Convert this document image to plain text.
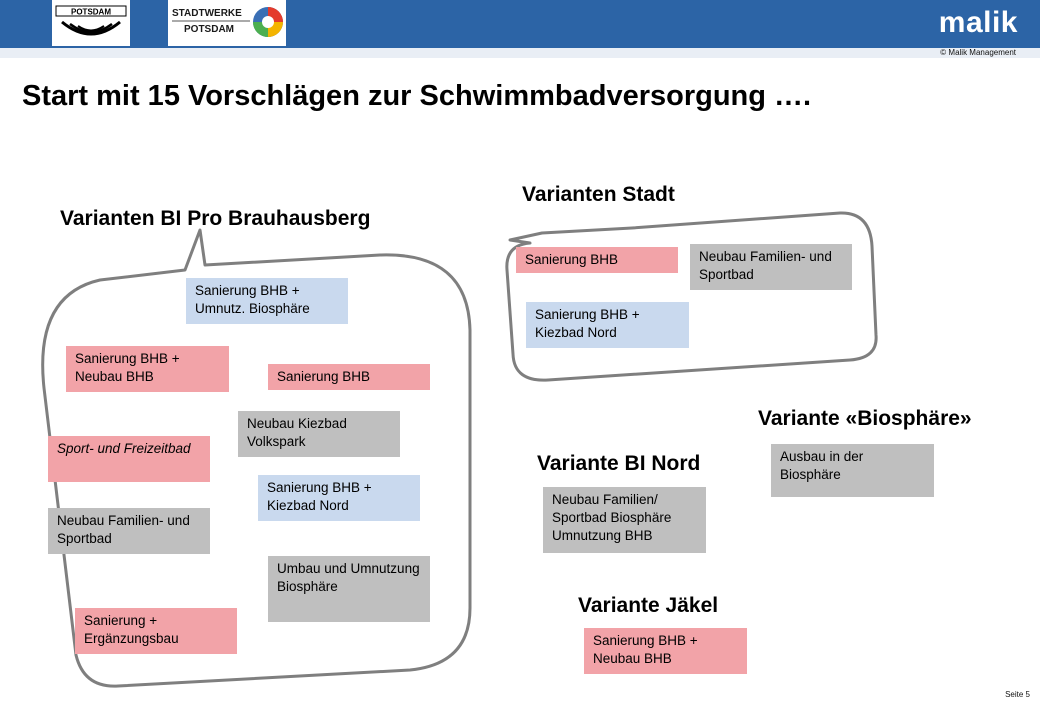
POTSDAM	STADTWERKE
POTSDAM	malik
© Malik Management
Start mit 15 Vorschlägen zur Schwimmbadversorgung ….
Varianten BI Pro Brauhausberg
Varianten Stadt
Variante «Biosphäre»
Variante BI Nord
Variante Jäkel
Sanierung BHB + Umnutz. Biosphäre
Sanierung BHB + Neubau BHB	Sanierung BHB
Neubau Kiezbad Volkspark
Sport- und Freizeitbad
Sanierung BHB + Kiezbad Nord
Neubau Familien- und Sportbad
Umbau und Umnutzung Biosphäre
Sanierung + Ergänzungsbau
Sanierung BHB	Neubau Familien- und Sportbad
Sanierung BHB + Kiezbad Nord
Ausbau in der Biosphäre
Neubau Familien/ Sportbad Biosphäre Umnutzung BHB
Sanierung BHB + Neubau BHB
Seite 5
